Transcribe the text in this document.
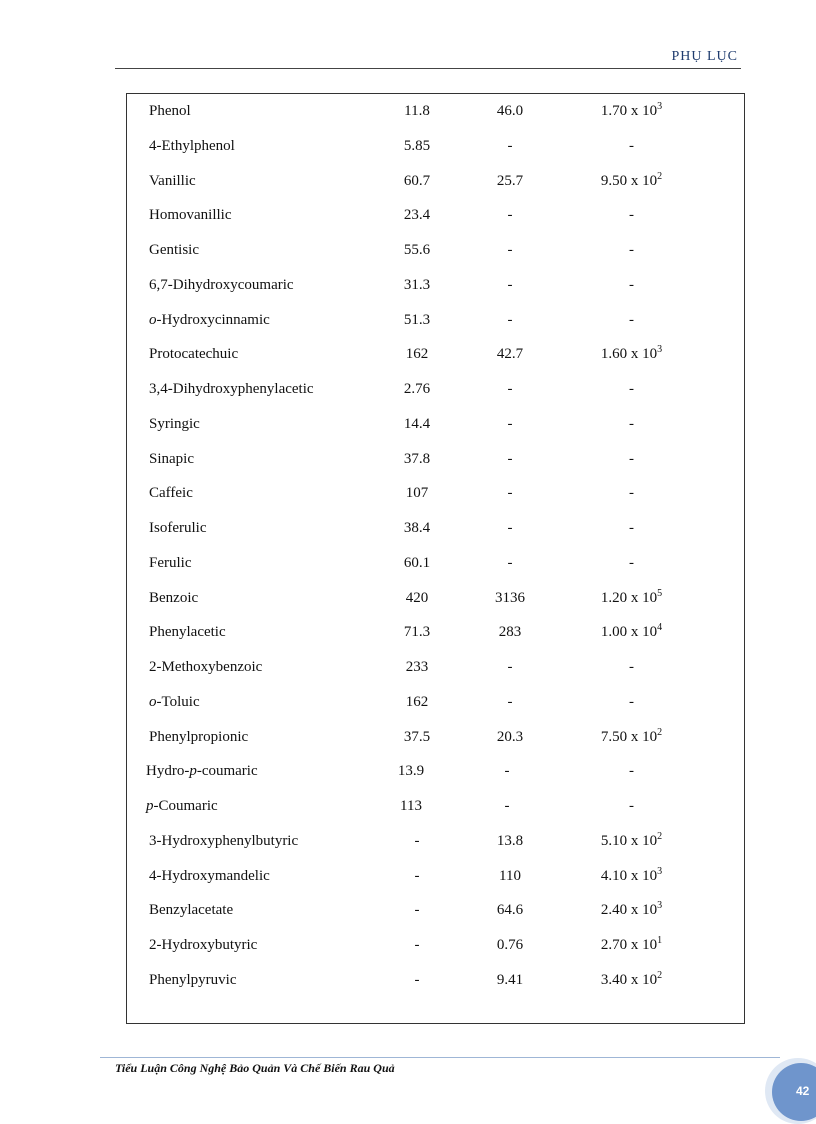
PHỤ LỤC
Phenol	11.8	46.0	1.70 x $10^3$
4-Ethylphenol	5.85	-	-
Vanillic	60.7	25.7	9.50 x $10^2$
Homovanillic	23.4	-	-
Gentisic	55.6	-	-
6,7-Dihydroxycoumaric	31.3	-	-
o-Hydroxycinnamic	51.3	-	-
Protocatechuic	162	42.7	1.60 x $10^3$
3,4-Dihydroxyphenylacetic	2.76	-	-
Syringic	14.4	-	-
Sinapic	37.8	-	-
Caffeic	107	-	-
Isoferulic	38.4	-	-
Ferulic	60.1	-	-
Benzoic	420	3136	1.20 x $10^5$
Phenylacetic	71.3	283	1.00 x $10^4$
2-Methoxybenzoic	233	-	-
o-Toluic	162	-	-
Phenylpropionic	37.5	20.3	7.50 x $10^2$
Hydro-p-coumaric	13.9	-	-
p-Coumaric	113	-	-
3-Hydroxyphenylbutyric	-	13.8	5.10 x $10^2$
4-Hydroxymandelic	-	110	4.10 x $10^3$
Benzylacetate	-	64.6	2.40 x $10^3$
2-Hydroxybutyric	-	0.76	2.70 x $10^1$
Phenylpyruvic	-	9.41	3.40 x $10^2$
Tiểu Luận Công Nghệ Bảo Quản Và Chế Biến Rau Quả
42
